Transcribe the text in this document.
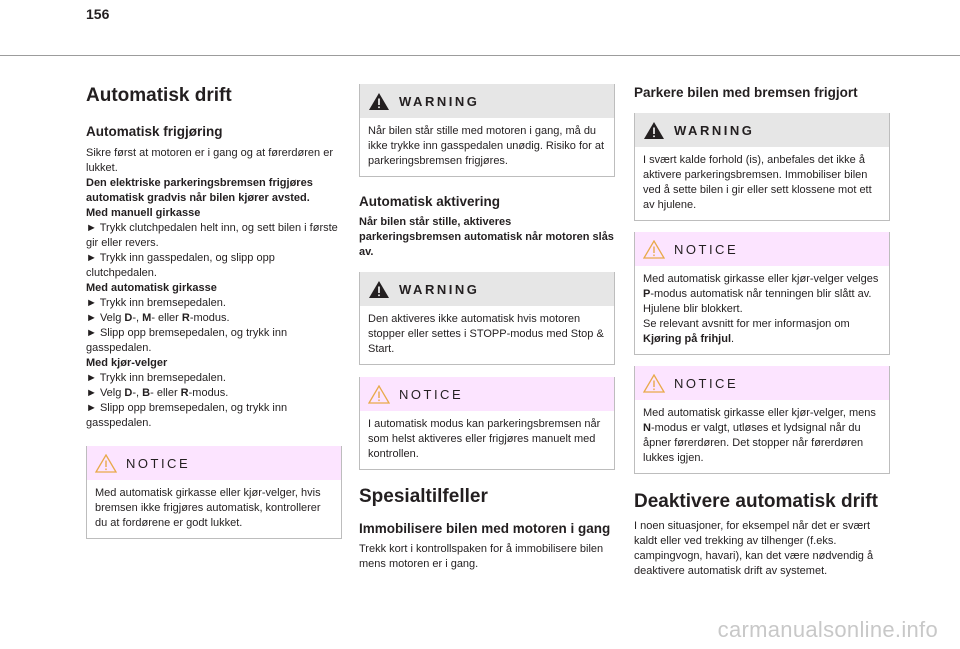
156
Automatisk drift
Automatisk frigjøring

Sikre først at motoren er i gang og at førerdøren er lukket.

Den elektriske parkeringsbremsen frigjøres automatisk gradvis når bilen kjører avsted.

Med manuell girkasse

► Trykk clutchpedalen helt inn, og sett bilen i første gir eller revers.

► Trykk inn gasspedalen, og slipp opp clutchpedalen.

Med automatisk girkasse

► Trykk inn bremsepedalen.

► Velg D-, M- eller R-modus.

► Slipp opp bremsepedalen, og trykk inn gasspedalen.

Med kjør-velger

► Trykk inn bremsepedalen.

► Velg D-, B- eller R-modus.

► Slipp opp bremsepedalen, og trykk inn gasspedalen.

NOTICE
Med automatisk girkasse eller kjør-velger, hvis bremsen ikke frigjøres automatisk, kontrollerer du at fordørene er godt lukket.
WARNING
Når bilen står stille med motoren i gang, må du ikke trykke inn gasspedalen unødig. Risiko for at parkeringsbremsen frigjøres.
Automatisk aktivering

Når bilen står stille, aktiveres parkeringsbremsen automatisk når motoren slås av.

WARNING
Den aktiveres ikke automatisk hvis motoren stopper eller settes i STOPP-modus med Stop & Start.
NOTICE
I automatisk modus kan parkeringsbremsen når som helst aktiveres eller frigjøres manuelt med kontrollen.
Spesialtilfeller
Immobilisere bilen med motoren i gang

Trekk kort i kontrollspaken for å immobilisere bilen mens motoren er i gang.

Parkere bilen med bremsen frigjort
WARNING
I svært kalde forhold (is), anbefales det ikke å aktivere parkeringsbremsen. Immobiliser bilen ved å sette bilen i gir eller sett klossene mot ett av hjulene.
NOTICE
Med automatisk girkasse eller kjør-velger velges P-modus automatisk når tenningen blir slått av. Hjulene blir blokkert.
Se relevant avsnitt for mer informasjon om Kjøring på frihjul.
NOTICE
Med automatisk girkasse eller kjør-velger, mens N-modus er valgt, utløses et lydsignal når du åpner førerdøren. Det stopper når førerdøren lukkes igjen.
Deaktivere automatisk drift

I noen situasjoner, for eksempel når det er svært kaldt eller ved trekking av tilhenger (f.eks. campingvogn, havari), kan det være nødvendig å deaktivere automatisk drift av systemet.

carmanualsonline.info
